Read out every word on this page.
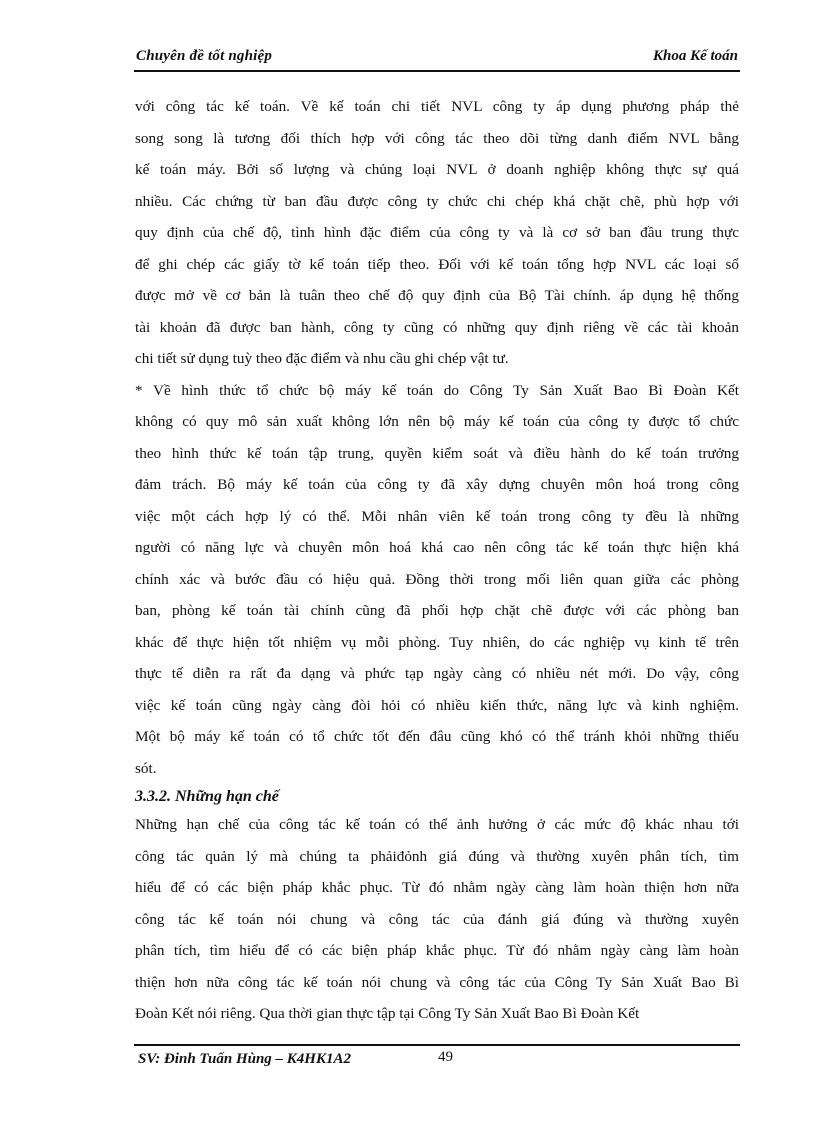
Chuyên đề tốt nghiệp	Khoa Kế toán
với công tác kế toán. Về kế toán chi tiết NVL công ty áp dụng phương pháp thẻ
song song là tương đối thích hợp với công tác theo dõi từng danh điểm NVL bằng
kế toán máy. Bởi số lượng và chủng loại NVL ở doanh nghiệp không thực sự quá
nhiều. Các chứng từ ban đầu được công ty chức chi chép khá chặt chẽ, phù hợp với
quy định của chế độ, tình hình đặc điểm của công ty và là cơ sở ban đầu trung thực
để ghi chép các giấy tờ kế toán tiếp theo. Đối với kế toán tổng hợp NVL các loại sổ
được mở về cơ bản là tuân theo chế độ quy định của Bộ Tài chính. áp dụng hệ thống
tài khoản đã được ban hành, công ty cũng có những quy định riêng về các tài khoản
chi tiết sử dụng tuỳ theo đặc điểm và nhu cầu ghi chép vật tư.
* Về hình thức tổ chức bộ máy kế toán do Công Ty Sản Xuất Bao Bì Đoàn Kết
không có quy mô sản xuất không lớn nên bộ máy kế toán của công ty được tổ chức
theo hình thức kế toán tập trung, quyền kiểm soát và điều hành do kế toán trưởng
đảm trách. Bộ máy kế toán của công ty đã xây dựng chuyên môn hoá trong công
việc một cách hợp lý có thể. Mỗi nhân viên kế toán trong công ty đều là những
người có năng lực và chuyên môn hoá khá cao nên công tác kế toán thực hiện khá
chính xác và bước đầu có hiệu quả. Đồng thời trong mối liên quan giữa các phòng
ban, phòng kế toán tài chính cũng đã phối hợp chặt chẽ được với các phòng ban
khác để thực hiện tốt nhiệm vụ mỗi phòng. Tuy nhiên, do các nghiệp vụ kinh tế trên
thực tế diễn ra rất đa dạng và phức tạp ngày càng có nhiều nét mới. Do vậy, công
việc kế toán cũng ngày càng đòi hỏi có nhiều kiến thức, năng lực và kinh nghiệm.
Một bộ máy kế toán có tổ chức tốt đến đâu cũng khó có thể tránh khỏi những thiếu
sót.
3.3.2. Những hạn chế
Những hạn chế của công tác kế toán có thể ảnh hưởng ở các mức độ khác nhau tới
công tác quản lý mà chúng ta phảiđỏnh giá đúng và thường xuyên phân tích, tìm
hiểu để có các biện pháp khắc phục. Từ đó nhằm ngày càng làm hoàn thiện hơn nữa
công tác kế toán nói chung và công tác của đánh giá đúng và thường xuyên
phân tích, tìm hiểu để có các biện pháp khắc phục. Từ đó nhằm ngày càng làm hoàn
thiện hơn nữa công tác kế toán nói chung và công tác của Công Ty Sản Xuất Bao Bì
Đoàn Kết nói riêng. Qua thời gian thực tập tại Công Ty Sản Xuất Bao Bì Đoàn Kết
SV: Đinh Tuấn Hùng – K4HK1A2	49
